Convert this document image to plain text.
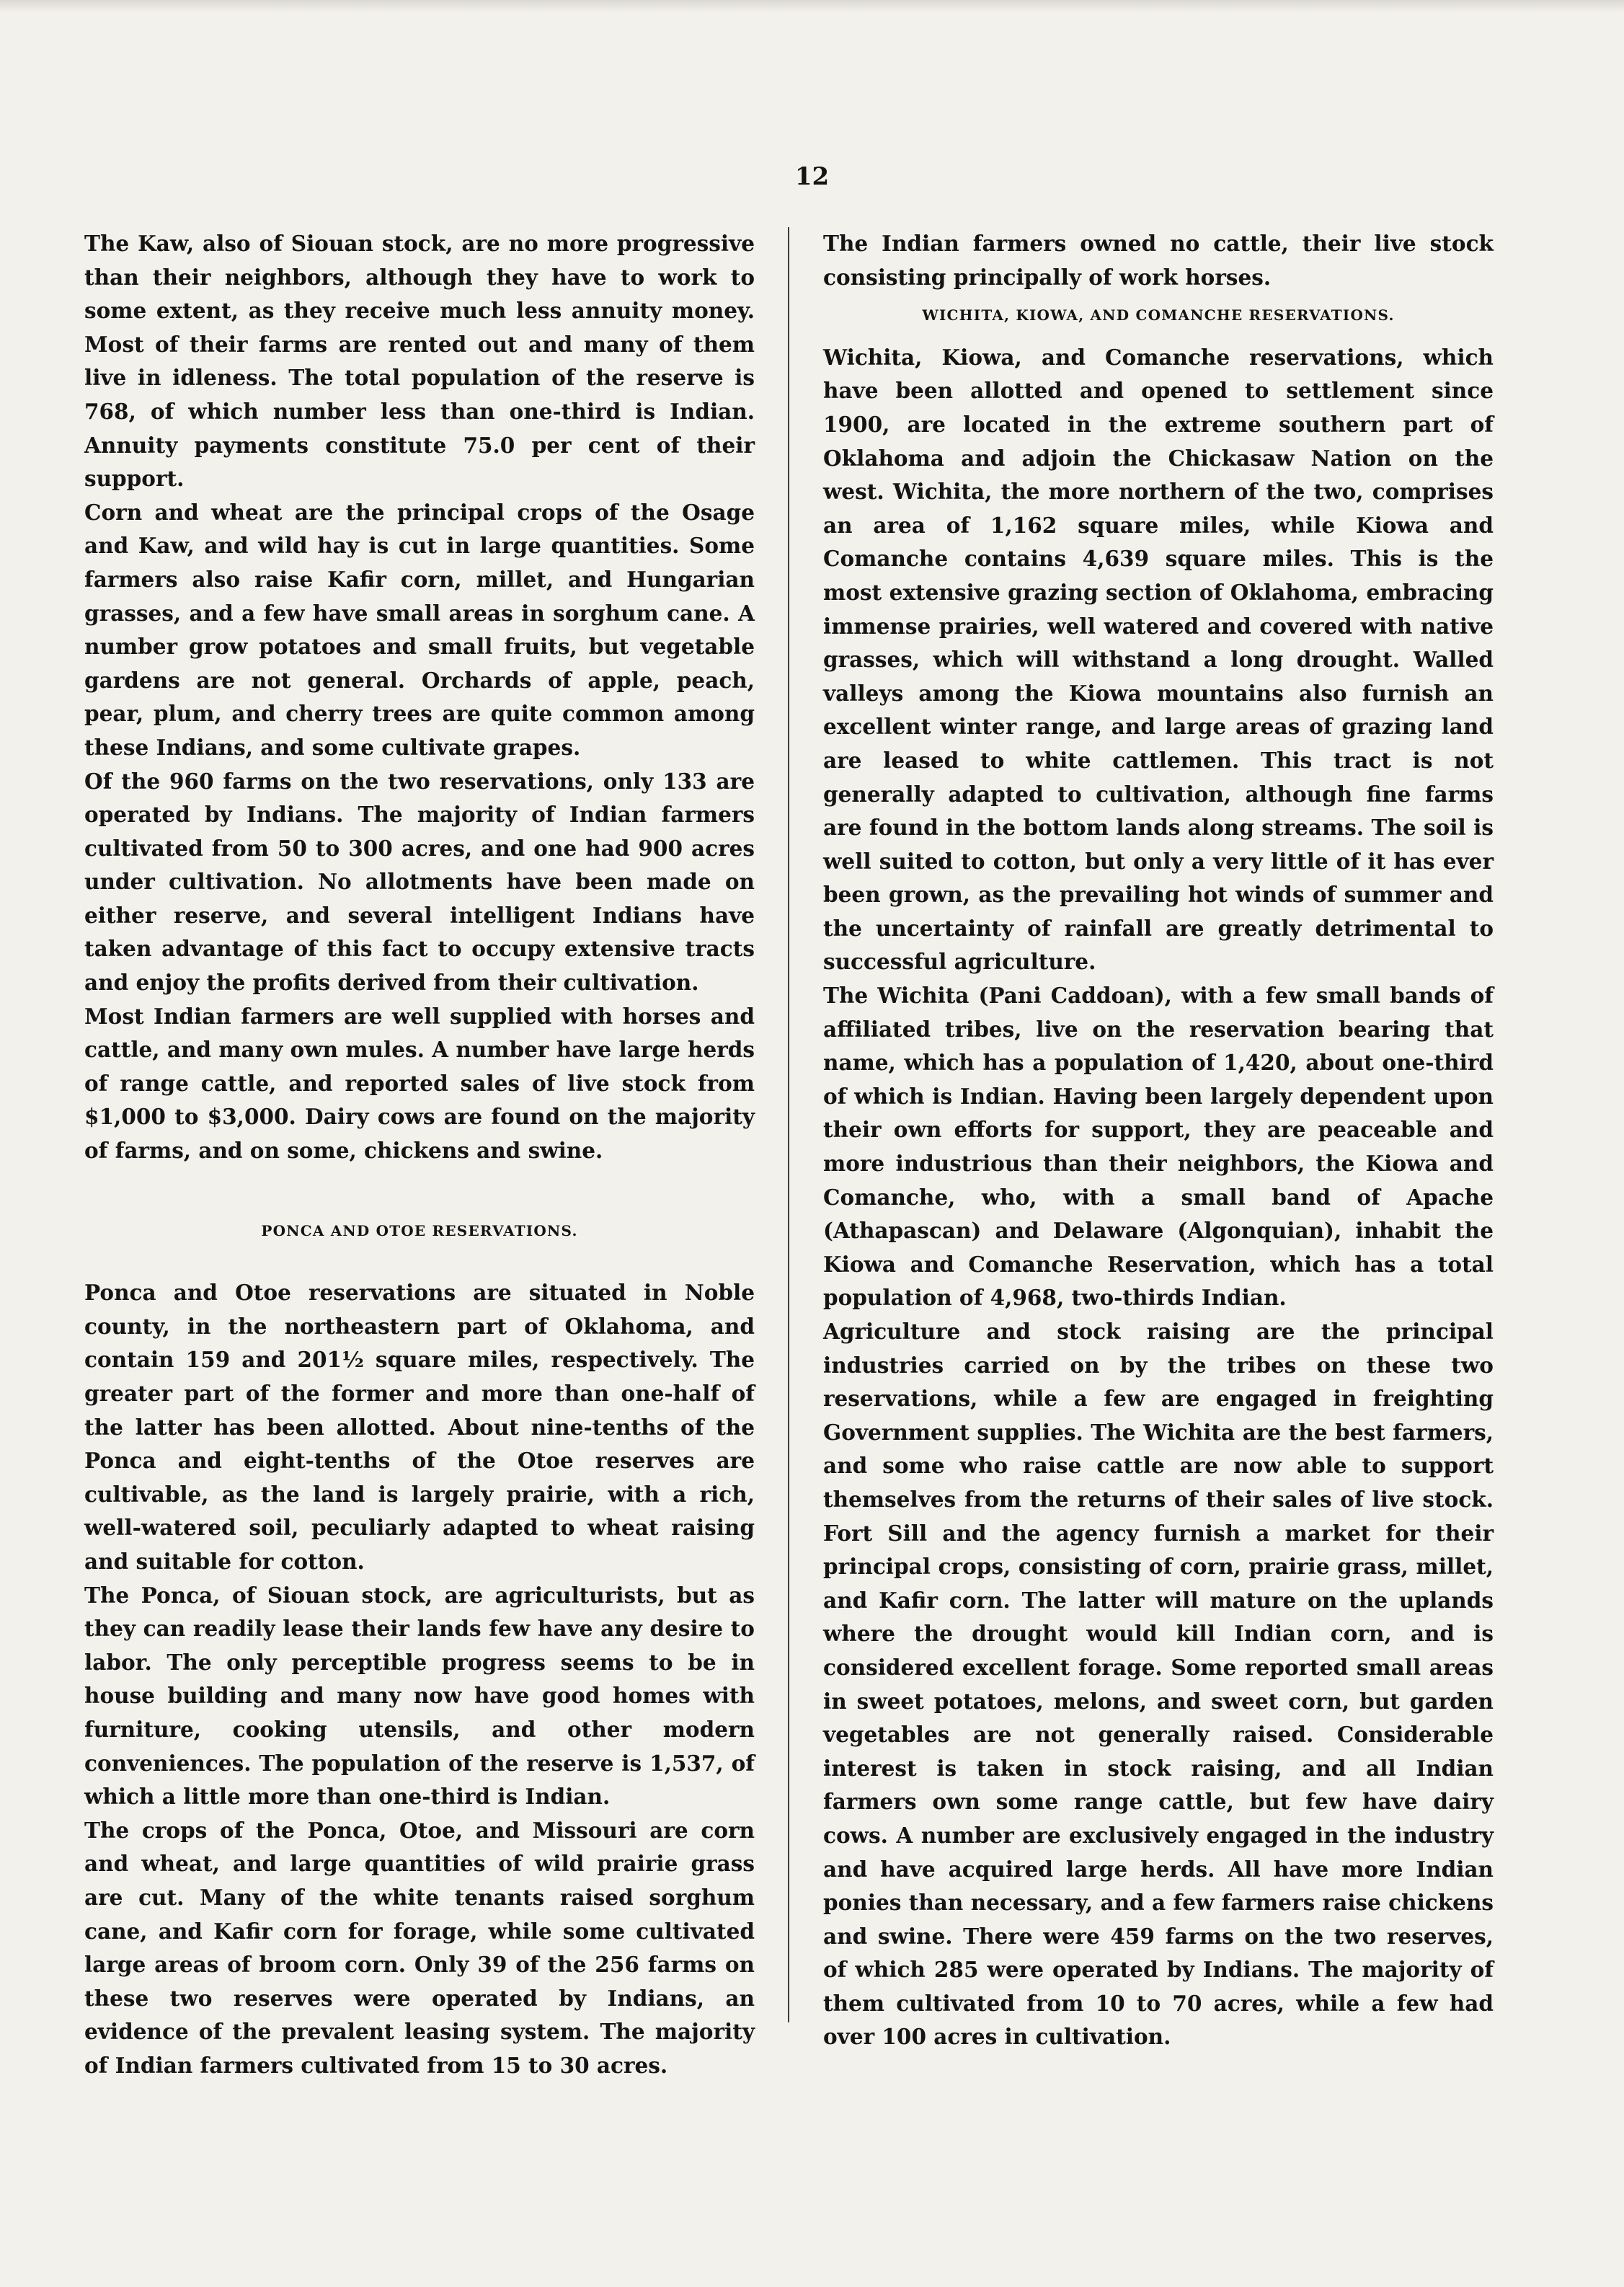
12

The Kaw, also of Siouan stock, are no more progressive than their neighbors, although they have to work to some extent, as they receive much less annuity money. Most of their farms are rented out and many of them live in idleness. The total population of the reserve is 768, of which number less than one-third is Indian. Annuity payments constitute 75.0 per cent of their support.

Corn and wheat are the principal crops of the Osage and Kaw, and wild hay is cut in large quantities. Some farmers also raise Kafir corn, millet, and Hungarian grasses, and a few have small areas in sorghum cane. A number grow potatoes and small fruits, but vegetable gardens are not general. Orchards of apple, peach, pear, plum, and cherry trees are quite common among these Indians, and some cultivate grapes.

Of the 960 farms on the two reservations, only 133 are operated by Indians. The majority of Indian farmers cultivated from 50 to 300 acres, and one had 900 acres under cultivation. No allotments have been made on either reserve, and several intelligent Indians have taken advantage of this fact to occupy extensive tracts and enjoy the profits derived from their cultivation.

Most Indian farmers are well supplied with horses and cattle, and many own mules. A number have large herds of range cattle, and reported sales of live stock from $1,000 to $3,000. Dairy cows are found on the majority of farms, and on some, chickens and swine.

PONCA AND OTOE RESERVATIONS.

Ponca and Otoe reservations are situated in Noble county, in the northeastern part of Oklahoma, and contain 159 and 201½ square miles, respectively. The greater part of the former and more than one-half of the latter has been allotted. About nine-tenths of the Ponca and eight-tenths of the Otoe reserves are cultivable, as the land is largely prairie, with a rich, well-watered soil, peculiarly adapted to wheat raising and suitable for cotton.

The Ponca, of Siouan stock, are agriculturists, but as they can readily lease their lands few have any desire to labor. The only perceptible progress seems to be in house building and many now have good homes with furniture, cooking utensils, and other modern conveniences. The population of the reserve is 1,537, of which a little more than one-third is Indian.

The crops of the Ponca, Otoe, and Missouri are corn and wheat, and large quantities of wild prairie grass are cut. Many of the white tenants raised sorghum cane, and Kafir corn for forage, while some cultivated large areas of broom corn. Only 39 of the 256 farms on these two reserves were operated by Indians, an evidence of the prevalent leasing system. The majority of Indian farmers cultivated from 15 to 30 acres.

The Indian farmers owned no cattle, their live stock consisting principally of work horses.

WICHITA, KIOWA, AND COMANCHE RESERVATIONS.

Wichita, Kiowa, and Comanche reservations, which have been allotted and opened to settlement since 1900, are located in the extreme southern part of Oklahoma and adjoin the Chickasaw Nation on the west. Wichita, the more northern of the two, comprises an area of 1,162 square miles, while Kiowa and Comanche contains 4,639 square miles. This is the most extensive grazing section of Oklahoma, embracing immense prairies, well watered and covered with native grasses, which will withstand a long drought. Walled valleys among the Kiowa mountains also furnish an excellent winter range, and large areas of grazing land are leased to white cattlemen. This tract is not generally adapted to cultivation, although fine farms are found in the bottom lands along streams. The soil is well suited to cotton, but only a very little of it has ever been grown, as the prevailing hot winds of summer and the uncertainty of rainfall are greatly detrimental to successful agriculture.

The Wichita (Pani Caddoan), with a few small bands of affiliated tribes, live on the reservation bearing that name, which has a population of 1,420, about one-third of which is Indian. Having been largely dependent upon their own efforts for support, they are peaceable and more industrious than their neighbors, the Kiowa and Comanche, who, with a small band of Apache (Athapascan) and Delaware (Algonquian), inhabit the Kiowa and Comanche Reservation, which has a total population of 4,968, two-thirds Indian.

Agriculture and stock raising are the principal industries carried on by the tribes on these two reservations, while a few are engaged in freighting Government supplies. The Wichita are the best farmers, and some who raise cattle are now able to support themselves from the returns of their sales of live stock. Fort Sill and the agency furnish a market for their principal crops, consisting of corn, prairie grass, millet, and Kafir corn. The latter will mature on the uplands where the drought would kill Indian corn, and is considered excellent forage. Some reported small areas in sweet potatoes, melons, and sweet corn, but garden vegetables are not generally raised. Considerable interest is taken in stock raising, and all Indian farmers own some range cattle, but few have dairy cows. A number are exclusively engaged in the industry and have acquired large herds. All have more Indian ponies than necessary, and a few farmers raise chickens and swine. There were 459 farms on the two reserves, of which 285 were operated by Indians. The majority of them cultivated from 10 to 70 acres, while a few had over 100 acres in cultivation.
